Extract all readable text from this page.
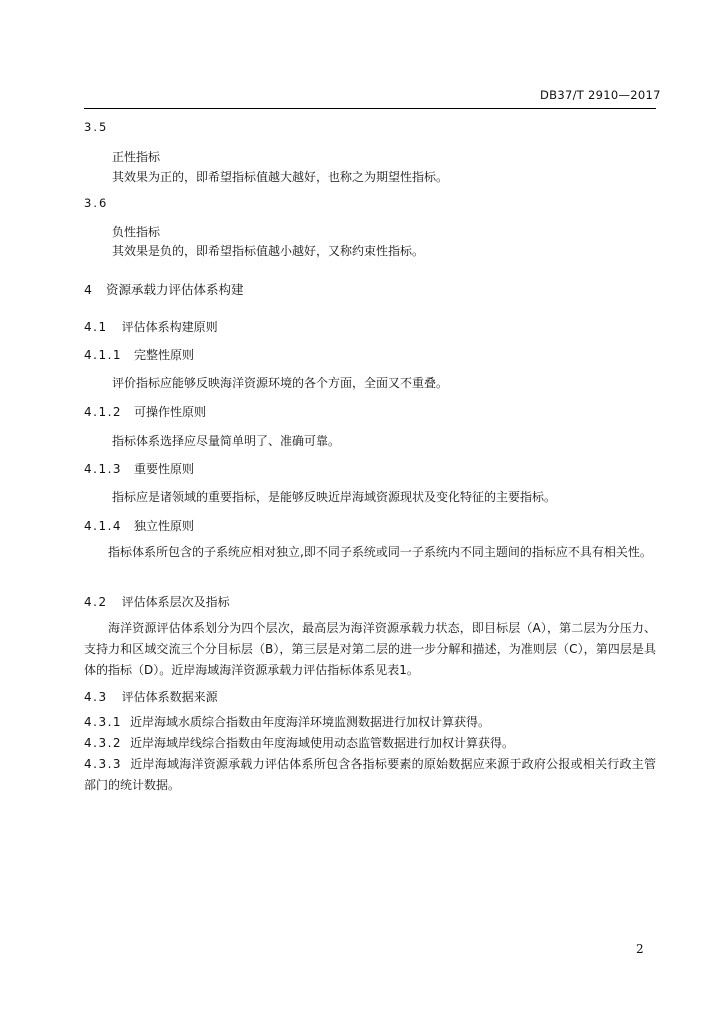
DB37/T 2910—2017
3.5
正性指标
其效果为正的，即希望指标值越大越好，也称之为期望性指标。
3.6
负性指标
其效果是负的，即希望指标值越小越好，又称约束性指标。
4 资源承载力评估体系构建
4.1 评估体系构建原则
4.1.1 完整性原则
评价指标应能够反映海洋资源环境的各个方面，全面又不重叠。
4.1.2 可操作性原则
指标体系选择应尽量简单明了、准确可靠。
4.1.3 重要性原则
指标应是诸领域的重要指标，是能够反映近岸海域资源现状及变化特征的主要指标。
4.1.4 独立性原则
指标体系所包含的子系统应相对独立,即不同子系统或同一子系统内不同主题间的指标应不具有相关性。
4.2 评估体系层次及指标
海洋资源评估体系划分为四个层次，最高层为海洋资源承载力状态，即目标层（A），第二层为分压力、支持力和区域交流三个分目标层（B），第三层是对第二层的进一步分解和描述，为准则层（C），第四层是具体的指标（D）。近岸海域海洋资源承载力评估指标体系见表1。
4.3 评估体系数据来源
4.3.1 近岸海域水质综合指数由年度海洋环境监测数据进行加权计算获得。
4.3.2 近岸海域岸线综合指数由年度海域使用动态监管数据进行加权计算获得。
4.3.3 近岸海域海洋资源承载力评估体系所包含各指标要素的原始数据应来源于政府公报或相关行政主管部门的统计数据。
2
